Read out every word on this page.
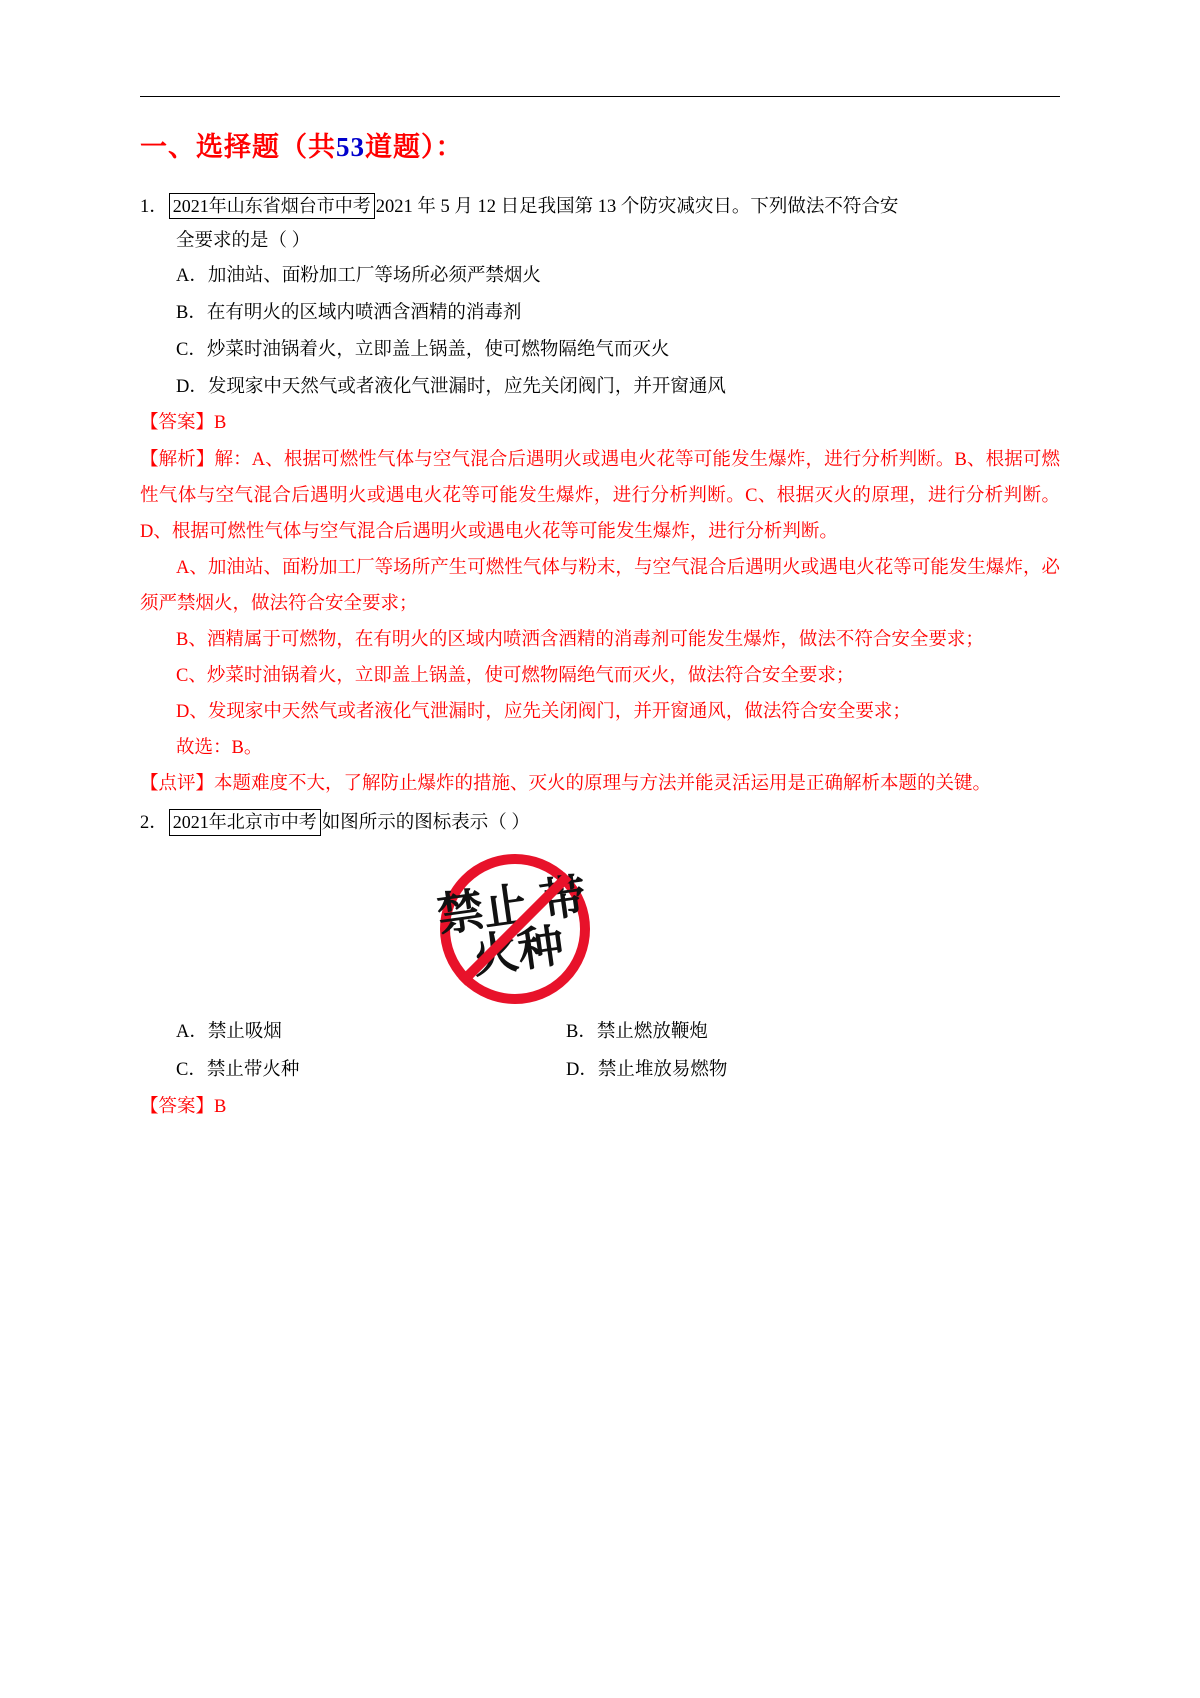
一、选择题（共53道题）：
1． 2021年山东省烟台市中考 2021 年 5 月 12 日足我国第 13 个防灾减灾日。下列做法不符合安
全要求的是（ ）
A．加油站、面粉加工厂等场所必须严禁烟火
B．在有明火的区域内喷洒含酒精的消毒剂
C．炒菜时油锅着火，立即盖上锅盖，使可燃物隔绝气而灭火
D．发现家中天然气或者液化气泄漏时，应先关闭阀门，并开窗通风
【答案】B

【解析】解：A、根据可燃性气体与空气混合后遇明火或遇电火花等可能发生爆炸，进行分析判断。B、根据可燃性气体与空气混合后遇明火或遇电火花等可能发生爆炸，进行分析判断。C、根据灭火的原理，进行分析判断。D、根据可燃性气体与空气混合后遇明火或遇电火花等可能发生爆炸，进行分析判断。

A、加油站、面粉加工厂等场所产生可燃性气体与粉末，与空气混合后遇明火或遇电火花等可能发生爆炸，必须严禁烟火，做法符合安全要求；

B、酒精属于可燃物，在有明火的区域内喷洒含酒精的消毒剂可能发生爆炸，做法不符合安全要求；

C、炒菜时油锅着火，立即盖上锅盖，使可燃物隔绝气而灭火，做法符合安全要求；

D、发现家中天然气或者液化气泄漏时，应先关闭阀门，并开窗通风，做法符合安全要求；

故选：B。

【点评】本题难度不大，了解防止爆炸的措施、灭火的原理与方法并能灵活运用是正确解析本题的关键。
2． 2021年北京市中考 如图所示的图标表示（ ）
禁止 带火种
A．禁止吸烟	B．禁止燃放鞭炮
C．禁止带火种	D．禁止堆放易燃物
【答案】B
